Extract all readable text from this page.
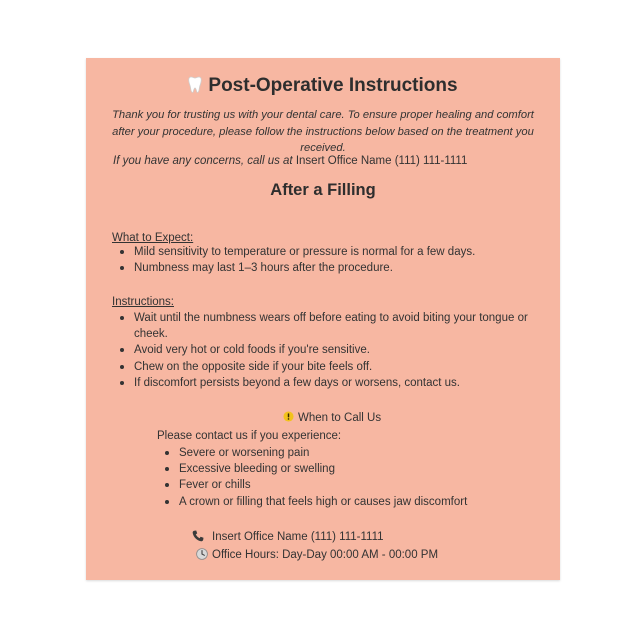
Post-Operative Instructions
Thank you for trusting us with your dental care. To ensure proper healing and comfort after your procedure, please follow the instructions below based on the treatment you received.
If you have any concerns, call us at Insert Office Name (111) 111-1111
After a Filling
What to Expect:
Mild sensitivity to temperature or pressure is normal for a few days.
Numbness may last 1–3 hours after the procedure.
Instructions:
Wait until the numbness wears off before eating to avoid biting your tongue or cheek.
Avoid very hot or cold foods if you're sensitive.
Chew on the opposite side if your bite feels off.
If discomfort persists beyond a few days or worsens, contact us.
When to Call Us
Please contact us if you experience:
Severe or worsening pain
Excessive bleeding or swelling
Fever or chills
A crown or filling that feels high or causes jaw discomfort
Insert Office Name (111) 111-1111
Office Hours: Day-Day 00:00 AM - 00:00 PM
